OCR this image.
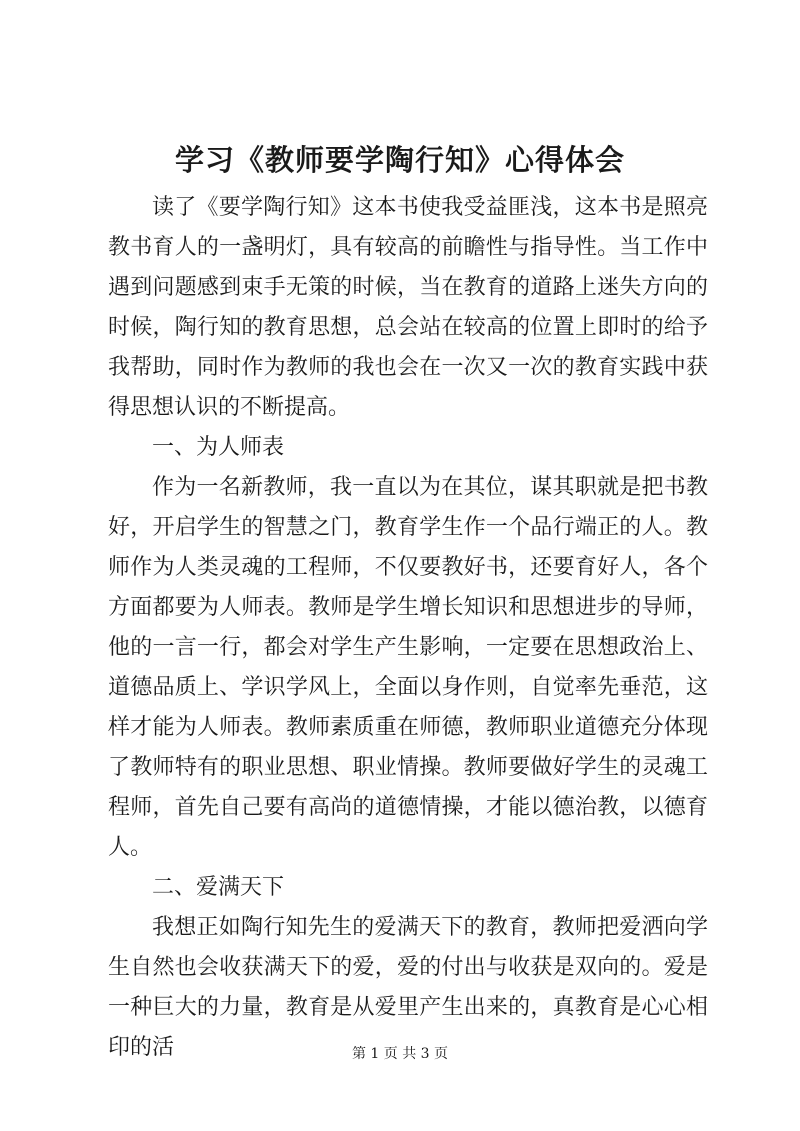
学习《教师要学陶行知》心得体会

读了《要学陶行知》这本书使我受益匪浅，这本书是照亮教书育人的一盏明灯，具有较高的前瞻性与指导性。当工作中遇到问题感到束手无策的时候，当在教育的道路上迷失方向的时候，陶行知的教育思想，总会站在较高的位置上即时的给予我帮助，同时作为教师的我也会在一次又一次的教育实践中获得思想认识的不断提高。

一、为人师表

作为一名新教师，我一直以为在其位，谋其职就是把书教好，开启学生的智慧之门，教育学生作一个品行端正的人。教师作为人类灵魂的工程师，不仅要教好书，还要育好人，各个方面都要为人师表。教师是学生增长知识和思想进步的导师，他的一言一行，都会对学生产生影响，一定要在思想政治上、道德品质上、学识学风上，全面以身作则，自觉率先垂范，这样才能为人师表。教师素质重在师德，教师职业道德充分体现了教师特有的职业思想、职业情操。教师要做好学生的灵魂工程师，首先自己要有高尚的道德情操，才能以德治教，以德育人。

二、爱满天下

我想正如陶行知先生的爱满天下的教育，教师把爱洒向学生自然也会收获满天下的爱，爱的付出与收获是双向的。爱是一种巨大的力量，教育是从爱里产生出来的，真教育是心心相印的活	第 1 页 共 3 页
